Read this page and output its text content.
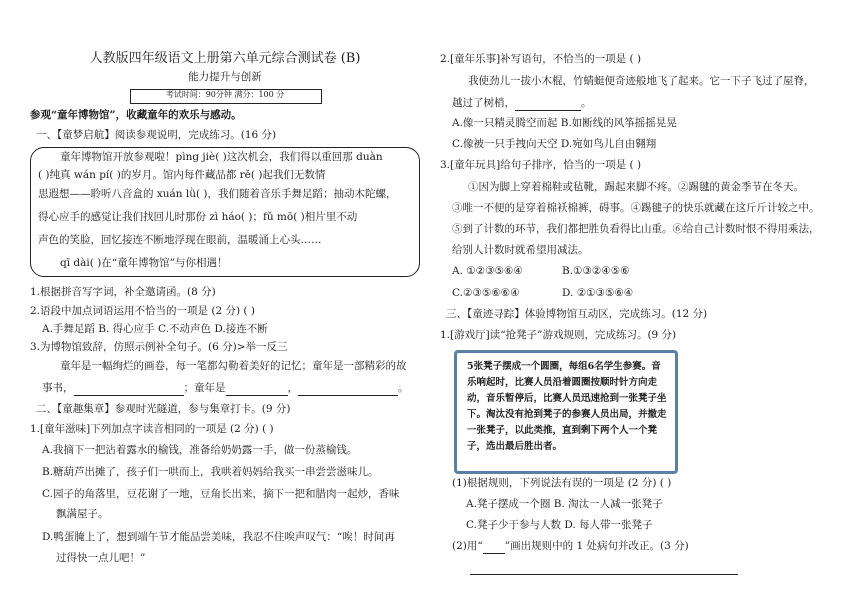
人教版四年级语文上册第六单元综合测试卷 (B)
能力提升与创新
考试时间：90分钟 满分：100 分
参观“童年博物馆”，收藏童年的欢乐与感动。
一、【童梦启航】阅读参观说明，完成练习。(16 分)
童年博物馆开放参观啦！pìng jiè( )这次机会，我们得以重回那 duàn
( )纯真 wán pí( )的岁月。馆内每件藏品都 rě( )起我们无数情
思遐想——聆听八音盒的 xuán lǜ( )，我们随着音乐手舞足蹈；抽动木陀螺，
得心应手的感觉让我们找回儿时那份 zì háo( )；fǔ mō( )相片里不动
声色的笑脸，回忆接连不断地浮现在眼前，温暖涌上心头……
qī dài( )在“童年博物馆”与你相遇！
1.根据拼音写字词，补全邀请函。(8 分)
2.语段中加点词语运用不恰当的一项是 (2 分) ( )
A.手舞足蹈 B. 得心应手 C.不动声色 D.接连不断
3.为博物馆致辞，仿照示例补全句子。(6 分)>举一反三
童年是一幅绚烂的画卷，每一笔都勾勒着美好的记忆；童年是一部精彩的故
事书，	；童年是	，	。
二、【童趣集章】参观时光隧道，参与集章打卡。(9 分)
1.[童年滋味]下列加点字读音相同的一项是 (2 分) ( )
A.我摘下一把沾着露水的榆钱，准备给奶奶露一手，做一份蒸榆钱。
B.糖葫芦出摊了，孩子们一哄而上，我哄着妈妈给我买一串尝尝滋味儿。
C.园子的角落里，豆花谢了一地，豆角长出来，摘下一把和腊肉一起炒，香味
飘满屋子。
D.鸭蛋腌上了，想到端午节才能品尝美味，我忍不住唉声叹气：“唉！时间再
过得快一点儿吧！”
2.[童年乐事]补写语句，不恰当的一项是 ( )
我使劲儿一拔小木棍，竹蜻蜓便奇迹般地飞了起来。它一下子飞过了屋脊，
越过了树梢，	。
A.像一只精灵腾空而起 B.如断线的风筝摇摇晃晃
C.像被一只手拽向天空 D.宛如鸟儿自由翱翔
3.[童年玩具]给句子排序，恰当的一项是 ( )
①因为脚上穿着棉鞋或毡靴，踢起来脚不疼。②踢毽的黄金季节在冬天。
③唯一不便的是穿着棉袄棉裤，碍事。④踢毽子的快乐就藏在这斤斤计较之中。
⑤到了计数的环节，我们都把胜负看得比山重。⑥给自己计数时恨不得用乘法，
给别人计数时就希望用减法。
A. ①②③⑤⑥④	B.①③②④⑤⑥
C.②③⑤⑥⑥④	D. ②①③⑤⑥④
三、【童迹寻踪】体验博物馆互动区，完成练习。(12 分)
1.[游戏厅]读“抢凳子”游戏规则，完成练习。(9 分)
5张凳子摆成一个圆圈，每组6名学生参赛。音乐响起时，比赛人员沿着圆圈按顺时针方向走动，音乐暂停后，比赛人员迅速抢到一张凳子坐下。淘汰没有抢到凳子的参赛人员出局，并撤走一张凳子，以此类推，直到剩下两个人一个凳子，选出最后胜出者。
(1)根据规则，下列说法有误的一项是 (2 分) ( )
A.凳子摆成一个圈 B. 淘汰一人减一张凳子
C.凳子少于参与人数 D. 每人带一张凳子
(2)用“ ”画出规则中的 1 处病句并改正。(3 分)
